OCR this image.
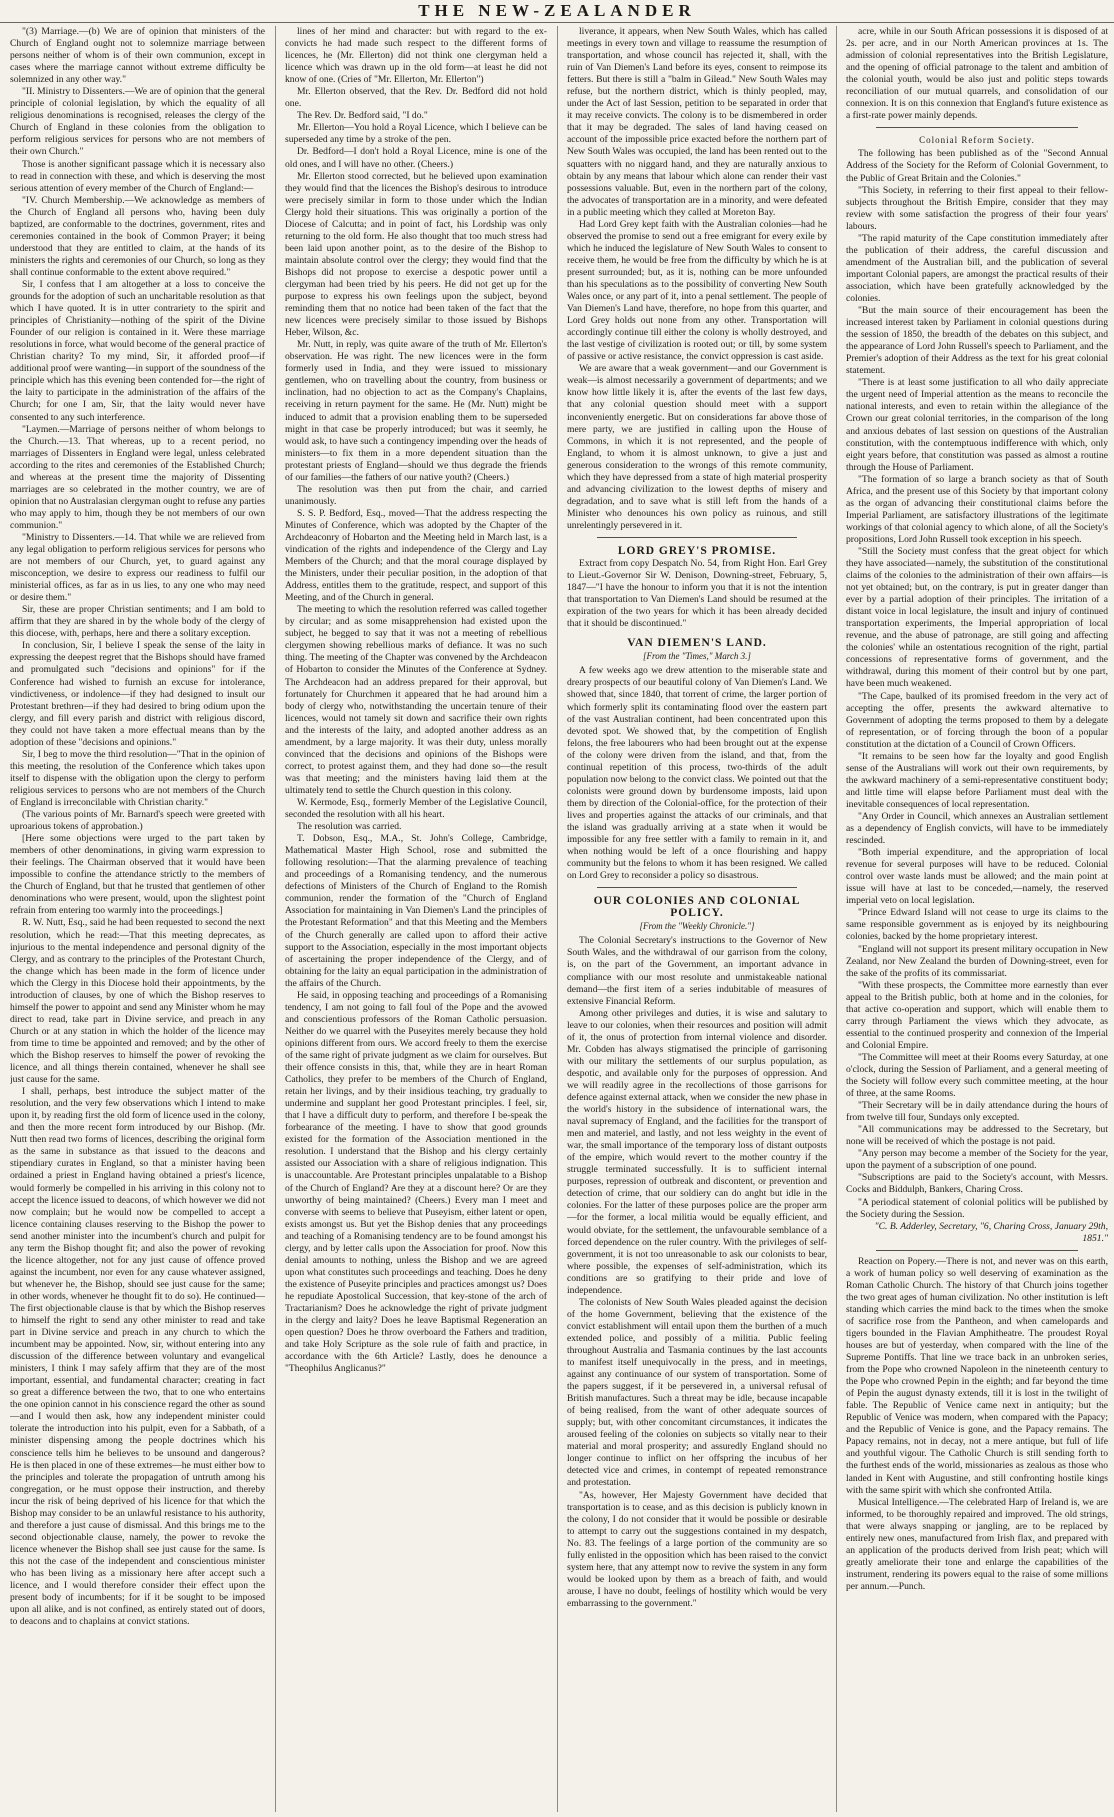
THE NEW-ZEALANDER

"(3) Marriage.—(b) We are of opinion that ministers of the Church of England ought not to solemnize marriage between persons neither of whom is of their own communion, except in cases where the marriage cannot without extreme difficulty be solemnized in any other way."

"II. Ministry to Dissenters.—We are of opinion that the general principle of colonial legislation, by which the equality of all religious denominations is recognised, releases the clergy of the Church of England in these colonies from the obligation to perform religious services for persons who are not members of their own Church."

Those is another significant passage which it is necessary also to read in connection with these, and which is deserving the most serious attention of every member of the Church of England:—

"IV. Church Membership.—We acknowledge as members of the Church of England all persons who, having been duly baptized, are conformable to the doctrines, government, rites and ceremonies contained in the book of Common Prayer; it being understood that they are entitled to claim, at the hands of its ministers the rights and ceremonies of our Church, so long as they shall continue conformable to the extent above required."

Sir, I confess that I am altogether at a loss to conceive the grounds for the adoption of such an uncharitable resolution as that which I have quoted. It is in utter contrariety to the spirit and principles of Christianity—nothing of the spirit of the Divine Founder of our religion is contained in it. Were these marriage resolutions in force, what would become of the general practice of Christian charity? To my mind, Sir, it afforded proof—if additional proof were wanting—in support of the soundness of the principle which has this evening been contended for—the right of the laity to participate in the administration of the affairs of the Church; for one I am, Sir, that the laity would never have consented to any such interference.

"Laymen.—Marriage of persons neither of whom belongs to the Church.—13. That whereas, up to a recent period, no marriages of Dissenters in England were legal, unless celebrated according to the rites and ceremonies of the Established Church; and whereas at the present time the majority of Dissenting marriages are so celebrated in the mother country, we are of opinion that no Australasian clergyman ought to refuse any parties who may apply to him, though they be not members of our own communion."

"Ministry to Dissenters.—14. That while we are relieved from any legal obligation to perform religious services for persons who are not members of our Church, yet, to guard against any misconception, we desire to express our readiness to fulfil our ministerial offices, as far as in us lies, to any one who may need or desire them."

Sir, these are proper Christian sentiments; and I am bold to affirm that they are shared in by the whole body of the clergy of this diocese, with, perhaps, here and there a solitary exception.

In conclusion, Sir, I believe I speak the sense of the laity in expressing the deepest regret that the Bishops should have framed and promulgated such "decisions and opinions" for if the Conference had wished to furnish an excuse for intolerance, vindictiveness, or indolence—if they had designed to insult our Protestant brethren—if they had desired to bring odium upon the clergy, and fill every parish and district with religious discord, they could not have taken a more effectual means than by the adoption of these "decisions and opinions."

Sir, I beg to move the third resolution—"That in the opinion of this meeting, the resolution of the Conference which takes upon itself to dispense with the obligation upon the clergy to perform religious services to persons who are not members of the Church of England is irreconcilable with Christian charity."

(The various points of Mr. Barnard's speech were greeted with uproarious tokens of approbation.)

[Here some objections were urged to the part taken by members of other denominations, in giving warm expression to their feelings. The Chairman observed that it would have been impossible to confine the attendance strictly to the members of the Church of England, but that he trusted that gentlemen of other denominations who were present, would, upon the slightest point refrain from entering too warmly into the proceedings.]

R. W. Nutt, Esq., said he had been requested to second the next resolution, which he read:—That this meeting deprecates, as injurious to the mental independence and personal dignity of the Clergy, and as contrary to the principles of the Protestant Church, the change which has been made in the form of licence under which the Clergy in this Diocese hold their appointments, by the introduction of clauses, by one of which the Bishop reserves to himself the power to appoint and send any Minister whom he may direct to read, take part in Divine service, and preach in any Church or at any station in which the holder of the licence may from time to time be appointed and removed; and by the other of which the Bishop reserves to himself the power of revoking the licence, and all things therein contained, whenever he shall see just cause for the same.

I shall, perhaps, best introduce the subject matter of the resolution, and the very few observations which I intend to make upon it, by reading first the old form of licence used in the colony, and then the more recent form introduced by our Bishop. (Mr. Nutt then read two forms of licences, describing the original form as the same in substance as that issued to the deacons and stipendiary curates in England, so that a minister having been ordained a priest in England having obtained a priest's licence, would formerly be compelled in his arriving in this colony not to accept the licence issued to deacons, of which however we did not now complain; but he would now be compelled to accept a licence containing clauses reserving to the Bishop the power to send another minister into the incumbent's church and pulpit for any term the Bishop thought fit; and also the power of revoking the licence altogether, not for any just cause of offence proved against the incumbent, nor even for any cause whatever assigned, but whenever he, the Bishop, should see just cause for the same; in other words, whenever he thought fit to do so). He continued—The first objectionable clause is that by which the Bishop reserves to himself the right to send any other minister to read and take part in Divine service and preach in any church to which the incumbent may be appointed. Now, sir, without entering into any discussion of the difference between voluntary and evangelical ministers, I think I may safely affirm that they are of the most important, essential, and fundamental character; creating in fact so great a difference between the two, that to one who entertains the one opinion cannot in his conscience regard the other as sound—and I would then ask, how any independent minister could tolerate the introduction into his pulpit, even for a Sabbath, of a minister dispensing among the people doctrines which his conscience tells him he believes to be unsound and dangerous? He is then placed in one of these extremes—he must either bow to the principles and tolerate the propagation of untruth among his congregation, or he must oppose their instruction, and thereby incur the risk of being deprived of his licence for that which the Bishop may consider to be an unlawful resistance to his authority, and therefore a just cause of dismissal. And this brings me to the second objectionable clause, namely, the power to revoke the licence whenever the Bishop shall see just cause for the same. Is this not the case of the independent and conscientious minister who has been living as a missionary here after accept such a licence, and I would therefore consider their effect upon the present body of incumbents; for if it be sought to be imposed upon all alike, and is not confined, as entirely stated out of doors, to deacons and to chaplains at convict stations.

lines of her mind and character: but with regard to the ex-convicts he had made such respect to the different forms of licences, he (Mr. Ellerton) did not think one clergyman held a licence which was drawn up in the old form—at least he did not know of one. (Cries of "Mr. Ellerton, Mr. Ellerton")

Mr. Ellerton observed, that the Rev. Dr. Bedford did not hold one.

The Rev. Dr. Bedford said, "I do."

Mr. Ellerton—You hold a Royal Licence, which I believe can be superseded any time by a stroke of the pen.

Dr. Bedford—I don't hold a Royal Licence, mine is one of the old ones, and I will have no other. (Cheers.)

Mr. Ellerton stood corrected, but he believed upon examination they would find that the licences the Bishop's desirous to introduce were precisely similar in form to those under which the Indian Clergy hold their situations. This was originally a portion of the Diocese of Calcutta; and in point of fact, his Lordship was only returning to the old form. He also thought that too much stress had been laid upon another point, as to the desire of the Bishop to maintain absolute control over the clergy; they would find that the Bishops did not propose to exercise a despotic power until a clergyman had been tried by his peers. He did not get up for the purpose to express his own feelings upon the subject, beyond reminding them that no notice had been taken of the fact that the new licences were precisely similar to those issued by Bishops Heber, Wilson, &c.

Mr. Nutt, in reply, was quite aware of the truth of Mr. Ellerton's observation. He was right. The new licences were in the form formerly used in India, and they were issued to missionary gentlemen, who on travelling about the country, from business or inclination, had no objection to act as the Company's Chaplains, receiving in return payment for the same. He (Mr. Nutt) might be induced to admit that a provision enabling them to be superseded might in that case be properly introduced; but was it seemly, he would ask, to have such a contingency impending over the heads of ministers—to fix them in a more dependent situation than the protestant priests of England—should we thus degrade the friends of our families—the fathers of our native youth? (Cheers.)

The resolution was then put from the chair, and carried unanimously.

S. S. P. Bedford, Esq., moved—That the address respecting the Minutes of Conference, which was adopted by the Chapter of the Archdeaconry of Hobarton and the Meeting held in March last, is a vindication of the rights and independence of the Clergy and Lay Members of the Church; and that the moral courage displayed by the Ministers, under their peculiar position, in the adoption of that Address, entitles them to the gratitude, respect, and support of this Meeting, and of the Church in general.

The meeting to which the resolution referred was called together by circular; and as some misapprehension had existed upon the subject, he begged to say that it was not a meeting of rebellious clergymen showing rebellious marks of defiance. It was no such thing. The meeting of the Chapter was convened by the Archdeacon of Hobarton to consider the Minutes of the Conference at Sydney. The Archdeacon had an address prepared for their approval, but fortunately for Churchmen it appeared that he had around him a body of clergy who, notwithstanding the uncertain tenure of their licences, would not tamely sit down and sacrifice their own rights and the interests of the laity, and adopted another address as an amendment, by a large majority. It was their duty, unless morally convinced that the decisions and opinions of the Bishops were correct, to protest against them, and they had done so—the result was that meeting; and the ministers having laid them at the ultimately tend to settle the Church question in this colony.

W. Kermode, Esq., formerly Member of the Legislative Council, seconded the resolution with all his heart.

The resolution was carried.

T. Dobson, Esq., M.A., St. John's College, Cambridge, Mathematical Master High School, rose and submitted the following resolution:—That the alarming prevalence of teaching and proceedings of a Romanising tendency, and the numerous defections of Ministers of the Church of England to the Romish communion, render the formation of the "Church of England Association for maintaining in Van Diemen's Land the principles of the Protestant Reformation" and that this Meeting and the Members of the Church generally are called upon to afford their active support to the Association, especially in the most important objects of ascertaining the proper independence of the Clergy, and of obtaining for the laity an equal participation in the administration of the affairs of the Church.

He said, in opposing teaching and proceedings of a Romanising tendency, I am not going to fall foul of the Pope and the avowed and conscientious professors of the Roman Catholic persuasion. Neither do we quarrel with the Puseyites merely because they hold opinions different from ours. We accord freely to them the exercise of the same right of private judgment as we claim for ourselves. But their offence consists in this, that, while they are in heart Roman Catholics, they prefer to be members of the Church of England, retain her livings, and by their insidious teaching, try gradually to undermine and supplant her good Protestant principles. I feel, sir, that I have a difficult duty to perform, and therefore I be-speak the forbearance of the meeting. I have to show that good grounds existed for the formation of the Association mentioned in the resolution. I understand that the Bishop and his clergy certainly assisted our Association with a share of religious indignation. This is unaccountable. Are Protestant principles unpalatable to a Bishop of the Church of England? Are they at a discount here? Or are they unworthy of being maintained? (Cheers.) Every man I meet and converse with seems to believe that Puseyism, either latent or open, exists amongst us. But yet the Bishop denies that any proceedings and teaching of a Romanising tendency are to be found amongst his clergy, and by letter calls upon the Association for proof. Now this denial amounts to nothing, unless the Bishop and we are agreed upon what constitutes such proceedings and teaching. Does he deny the existence of Puseyite principles and practices amongst us? Does he repudiate Apostolical Succession, that key-stone of the arch of Tractarianism? Does he acknowledge the right of private judgment in the clergy and laity? Does he leave Baptismal Regeneration an open question? Does he throw overboard the Fathers and tradition, and take Holy Scripture as the sole rule of faith and practice, in accordance with the 6th Article? Lastly, does he denounce a "Theophilus Anglicanus?"

liverance, it appears, when New South Wales, which has called meetings in every town and village to reassume the resumption of transportation, and whose council has rejected it, shall, with the ruin of Van Diemen's Land before its eyes, consent to reimpose its fetters. But there is still a "balm in Gilead." New South Wales may refuse, but the northern district, which is thinly peopled, may, under the Act of last Session, petition to be separated in order that it may receive convicts. The colony is to be dismembered in order that it may be degraded. The sales of land having ceased on account of the impossible price exacted before the northern part of New South Wales was occupied, the land has been rented out to the squatters with no niggard hand, and they are naturally anxious to obtain by any means that labour which alone can render their vast possessions valuable. But, even in the northern part of the colony, the advocates of transportation are in a minority, and were defeated in a public meeting which they called at Moreton Bay.

Had Lord Grey kept faith with the Australian colonies—had he observed the promise to send out a free emigrant for every exile by which he induced the legislature of New South Wales to consent to receive them, he would be free from the difficulty by which he is at present surrounded; but, as it is, nothing can be more unfounded than his speculations as to the possibility of converting New South Wales once, or any part of it, into a penal settlement. The people of Van Diemen's Land have, therefore, no hope from this quarter, and Lord Grey holds out none from any other. Transportation will accordingly continue till either the colony is wholly destroyed, and the last vestige of civilization is rooted out; or till, by some system of passive or active resistance, the convict oppression is cast aside.

We are aware that a weak government—and our Government is weak—is almost necessarily a government of departments; and we know how little likely it is, after the events of the last few days, that any colonial question should meet with a support inconveniently energetic. But on considerations far above those of mere party, we are justified in calling upon the House of Commons, in which it is not represented, and the people of England, to whom it is almost unknown, to give a just and generous consideration to the wrongs of this remote community, which they have depressed from a state of high material prosperity and advancing civilization to the lowest depths of misery and degradation, and to save what is still left from the hands of a Minister who denounces his own policy as ruinous, and still unrelentingly persevered in it.

LORD GREY'S PROMISE.

Extract from copy Despatch No. 54, from Right Hon. Earl Grey to Lieut.-Governor Sir W. Denison, Downing-street, February, 5, 1847—"I have the honour to inform you that it is not the intention that transportation to Van Diemen's Land should be resumed at the expiration of the two years for which it has been already decided that it should be discontinued."

VAN DIEMEN'S LAND.

[From the "Times," March 3.]

A few weeks ago we drew attention to the miserable state and dreary prospects of our beautiful colony of Van Diemen's Land. We showed that, since 1840, that torrent of crime, the larger portion of which formerly split its contaminating flood over the eastern part of the vast Australian continent, had been concentrated upon this devoted spot. We showed that, by the competition of English felons, the free labourers who had been brought out at the expense of the colony were driven from the island, and that, from the continual repetition of this process, two-thirds of the adult population now belong to the convict class. We pointed out that the colonists were ground down by burdensome imposts, laid upon them by direction of the Colonial-office, for the protection of their lives and properties against the attacks of our criminals, and that the island was gradually arriving at a state when it would be impossible for any free settler with a family to remain in it, and when nothing would be left of a once flourishing and happy community but the felons to whom it has been resigned. We called on Lord Grey to reconsider a policy so disastrous.

OUR COLONIES AND COLONIAL POLICY.

[From the "Weekly Chronicle."]

The Colonial Secretary's instructions to the Governor of New South Wales, and the withdrawal of our garrison from the colony, is, on the part of the Government, an important advance in compliance with our most resolute and unmistakeable national demand—the first item of a series indubitable of measures of extensive Financial Reform.

Among other privileges and duties, it is wise and salutary to leave to our colonies, when their resources and position will admit of it, the onus of protection from internal violence and disorder. Mr. Cobden has always stigmatised the principle of garrisoning with our military the settlements of our surplus population, as despotic, and available only for the purposes of oppression. And we will readily agree in the recollections of those garrisons for defence against external attack, when we consider the new phase in the world's history in the subsidence of international wars, the naval supremacy of England, and the facilities for the transport of men and materiel, and lastly, and not less weighty in the event of war, the small importance of the temporary loss of distant outposts of the empire, which would revert to the mother country if the struggle terminated successfully. It is to sufficient internal purposes, repression of outbreak and discontent, or prevention and detection of crime, that our soldiery can do anght but idle in the colonies. For the latter of these purposes police are the proper arm—for the former, a local militia would be equally efficient, and would obviate, for the settlement, the unfavourable semblance of a forced dependence on the ruler country. With the privileges of self-government, it is not too unreasonable to ask our colonists to bear, where possible, the expenses of self-administration, which its conditions are so gratifying to their pride and love of independence.

The colonists of New South Wales pleaded against the decision of the home Government, believing that the existence of the convict establishment will entail upon them the burthen of a much extended police, and possibly of a militia. Public feeling throughout Australia and Tasmania continues by the last accounts to manifest itself unequivocally in the press, and in meetings, against any continuance of our system of transportation. Some of the papers suggest, if it be persevered in, a universal refusal of British manufactures. Such a threat may be idle, because incapable of being realised, from the want of other adequate sources of supply; but, with other concomitant circumstances, it indicates the aroused feeling of the colonies on subjects so vitally near to their material and moral prosperity; and assuredly England should no longer continue to inflict on her offspring the incubus of her detected vice and crimes, in contempt of repeated remonstrance and protestation.

"As, however, Her Majesty Government have decided that transportation is to cease, and as this decision is publicly known in the colony, I do not consider that it would be possible or desirable to attempt to carry out the suggestions contained in my despatch, No. 83. The feelings of a large portion of the community are so fully enlisted in the opposition which has been raised to the convict system here, that any attempt now to revive the system in any form would be looked upon by them as a breach of faith, and would arouse, I have no doubt, feelings of hostility which would be very embarrassing to the government."

acre, while in our South African possessions it is disposed of at 2s. per acre, and in our North American provinces at 1s. The admission of colonial representatives into the British Legislature, and the opening of official patronage to the talent and ambition of the colonial youth, would be also just and politic steps towards reconciliation of our mutual quarrels, and consolidation of our connexion. It is on this connexion that England's future existence as a first-rate power mainly depends.

Colonial Reform Society.

The following has been published as of the "Second Annual Address of the Society for the Reform of Colonial Government, to the Public of Great Britain and the Colonies."

"This Society, in referring to their first appeal to their fellow-subjects throughout the British Empire, consider that they may review with some satisfaction the progress of their four years' labours.

"The rapid maturity of the Cape constitution immediately after the publication of their address, the careful discussion and amendment of the Australian bill, and the publication of several important Colonial papers, are amongst the practical results of their association, which have been gratefully acknowledged by the colonies.

"But the main source of their encouragement has been the increased interest taken by Parliament in colonial questions during the session of 1850, the breadth of the debates on this subject, and the appearance of Lord John Russell's speech to Parliament, and the Premier's adoption of their Address as the text for his great colonial statement.

"There is at least some justification to all who daily appreciate the urgent need of Imperial attention as the means to reconcile the national interests, and even to retain within the allegiance of the Crown our great colonial territories, in the comparison of the long and anxious debates of last session on questions of the Australian constitution, with the contemptuous indifference with which, only eight years before, that constitution was passed as almost a routine through the House of Parliament.

"The formation of so large a branch society as that of South Africa, and the present use of this Society by that important colony as the organ of advancing their constitutional claims before the Imperial Parliament, are satisfactory illustrations of the legitimate workings of that colonial agency to which alone, of all the Society's propositions, Lord John Russell took exception in his speech.

"Still the Society must confess that the great object for which they have associated—namely, the substitution of the constitutional claims of the colonies to the administration of their own affairs—is not yet obtained; but, on the contrary, is put in greater danger than ever by a partial adoption of their principles. The irritation of a distant voice in local legislature, the insult and injury of continued transportation experiments, the Imperial appropriation of local revenue, and the abuse of patronage, are still going and affecting the colonies' while an ostentatious recognition of the right, partial concessions of representative forms of government, and the withdrawal, during this moment of their control but by one part, have been much weakened.

"The Cape, baulked of its promised freedom in the very act of accepting the offer, presents the awkward alternative to Government of adopting the terms proposed to them by a delegate of representation, or of forcing through the boon of a popular constitution at the dictation of a Council of Crown Officers.

"It remains to be seen how far the loyalty and good English sense of the Australians will work out their own requirements, by the awkward machinery of a semi-representative constituent body; and little time will elapse before Parliament must deal with the inevitable consequences of local representation.

"Any Order in Council, which annexes an Australian settlement as a dependency of English convicts, will have to be immediately rescinded.

"Both imperial expenditure, and the appropriation of local revenue for several purposes will have to be reduced. Colonial control over waste lands must be allowed; and the main point at issue will have at last to be conceded,—namely, the reserved imperial veto on local legislation.

"Prince Edward Island will not cease to urge its claims to the same responsible government as is enjoyed by its neighbouring colonies, backed by the home proprietary interest.

"England will not support its present military occupation in New Zealand, nor New Zealand the burden of Downing-street, even for the sake of the profits of its commissariat.

"With these prospects, the Committee more earnestly than ever appeal to the British public, both at home and in the colonies, for that active co-operation and support, which will enable them to carry through Parliament the views which they advocate, as essential to the continued prosperity and connexion of the Imperial and Colonial Empire.

"The Committee will meet at their Rooms every Saturday, at one o'clock, during the Session of Parliament, and a general meeting of the Society will follow every such committee meeting, at the hour of three, at the same Rooms.

"Their Secretary will be in daily attendance during the hours of from twelve till four, Sundays only excepted.

"All communications may be addressed to the Secretary, but none will be received of which the postage is not paid.

"Any person may become a member of the Society for the year, upon the payment of a subscription of one pound.

"Subscriptions are paid to the Society's account, with Messrs. Cocks and Biddulph, Bankers, Charing Cross.

"A periodical statement of colonial politics will be published by the Society during the Session.

"C. B. Adderley, Secretary, "6, Charing Cross, January 29th, 1851."

Reaction on Popery.—There is not, and never was on this earth, a work of human policy so well deserving of examination as the Roman Catholic Church. The history of that Church joins together the two great ages of human civilization. No other institution is left standing which carries the mind back to the times when the smoke of sacrifice rose from the Pantheon, and when camelopards and tigers bounded in the Flavian Amphitheatre. The proudest Royal houses are but of yesterday, when compared with the line of the Supreme Pontiffs. That line we trace back in an unbroken series, from the Pope who crowned Napoleon in the nineteenth century to the Pope who crowned Pepin in the eighth; and far beyond the time of Pepin the august dynasty extends, till it is lost in the twilight of fable. The Republic of Venice came next in antiquity; but the Republic of Venice was modern, when compared with the Papacy; and the Republic of Venice is gone, and the Papacy remains. The Papacy remains, not in decay, not a mere antique, but full of life and youthful vigour. The Catholic Church is still sending forth to the furthest ends of the world, missionaries as zealous as those who landed in Kent with Augustine, and still confronting hostile kings with the same spirit with which she confronted Attila.

Musical Intelligence.—The celebrated Harp of Ireland is, we are informed, to be thoroughly repaired and improved. The old strings, that were always snapping or jangling, are to be replaced by entirely new ones, manufactured from Irish flax, and prepared with an application of the products derived from Irish peat; which will greatly ameliorate their tone and enlarge the capabilities of the instrument, rendering its powers equal to the raise of some millions per annum.—Punch.
